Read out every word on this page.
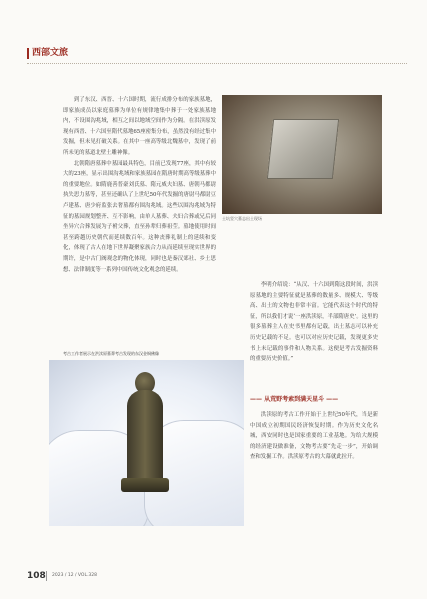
西部文旅

到了东汉、西晋、十六国时期，流行成排分布的家族墓地，即家族成员以家庭墓葬为单位有规律地集中葬于一处家族墓地内，不设围沟兆域，相互之间以地域空间作为分隔。在洪渎原发现有西晋、十六国至隋代墓地65座密集分布，虽然没有经过集中发掘，但未见打破关系。在其中一座高等级北魏墓中，发现了前所未见的墓道北壁土雕神像。

北朝隋唐墓葬中墓园最具特色，目前已发现77座，其中有较大的23座，显示出围沟兆域和家族墓园在隋唐时期高等级墓葬中的重要地位。如隋鹿善普豪刘氏墓、隋元威夫妇墓、唐朝马都尉执失思力墓等，甚至还确认了上世纪50年代发掘的唐尉马都尉豆卢建墓、唐少府监张去奢墓都有围沟兆域。这些以围沟兆域为特征的墓园规划整齐、互不影响，由单人墓葬、夫妇合葬或兄后同坐异穴合葬发展为子袝父葬，直至孙辈归葬祖茔。墓地使用时间甚至跨越历史朝代而延续数百年。这种丧葬礼制上的延续和变化，体现了古人在地下世界凝聚家族合力从而延续至现实世界的期许，是中古门阀观念的物化体现，同时也是秦汉郊社、乡土思想、法律制度等一系列中国传统文化观念的延续。

土坑竖穴墓志出土现场

李明介绍说：“从汉、十六国到隋这段时间，洪渎原墓地的主要特征就是墓葬的数量多、规模大、等级高、出土的文物也非常丰富。它能代表这个时代的特征，所以我们才说‘一座洪渎原，半部隋唐史’。这里的很多墓葬主人在史书里都有记载，出土墓志可以补充历史记载的不足。也可以对应历史记载，发现更多史书上未记载的事件和人物关系。这便是考古发掘资料的重要历史价值。”

—— 从荒野考索到满天星斗 ——

洪渎原的考古工作开始于上世纪50年代，当是新中国成立初期国民经济恢复时期。作为历史文化名城，西安同时也是国家重要的工业基地。为给大规模的经济建设做准备，文物考古要“先走一步”，开始调查和发掘工作。洪渎原考古的大幕就此拉开。

考古工作者展示在洪渎原墓葬考古发现的东汉金铜佛像
108 2023 / 12 / VOL.328
